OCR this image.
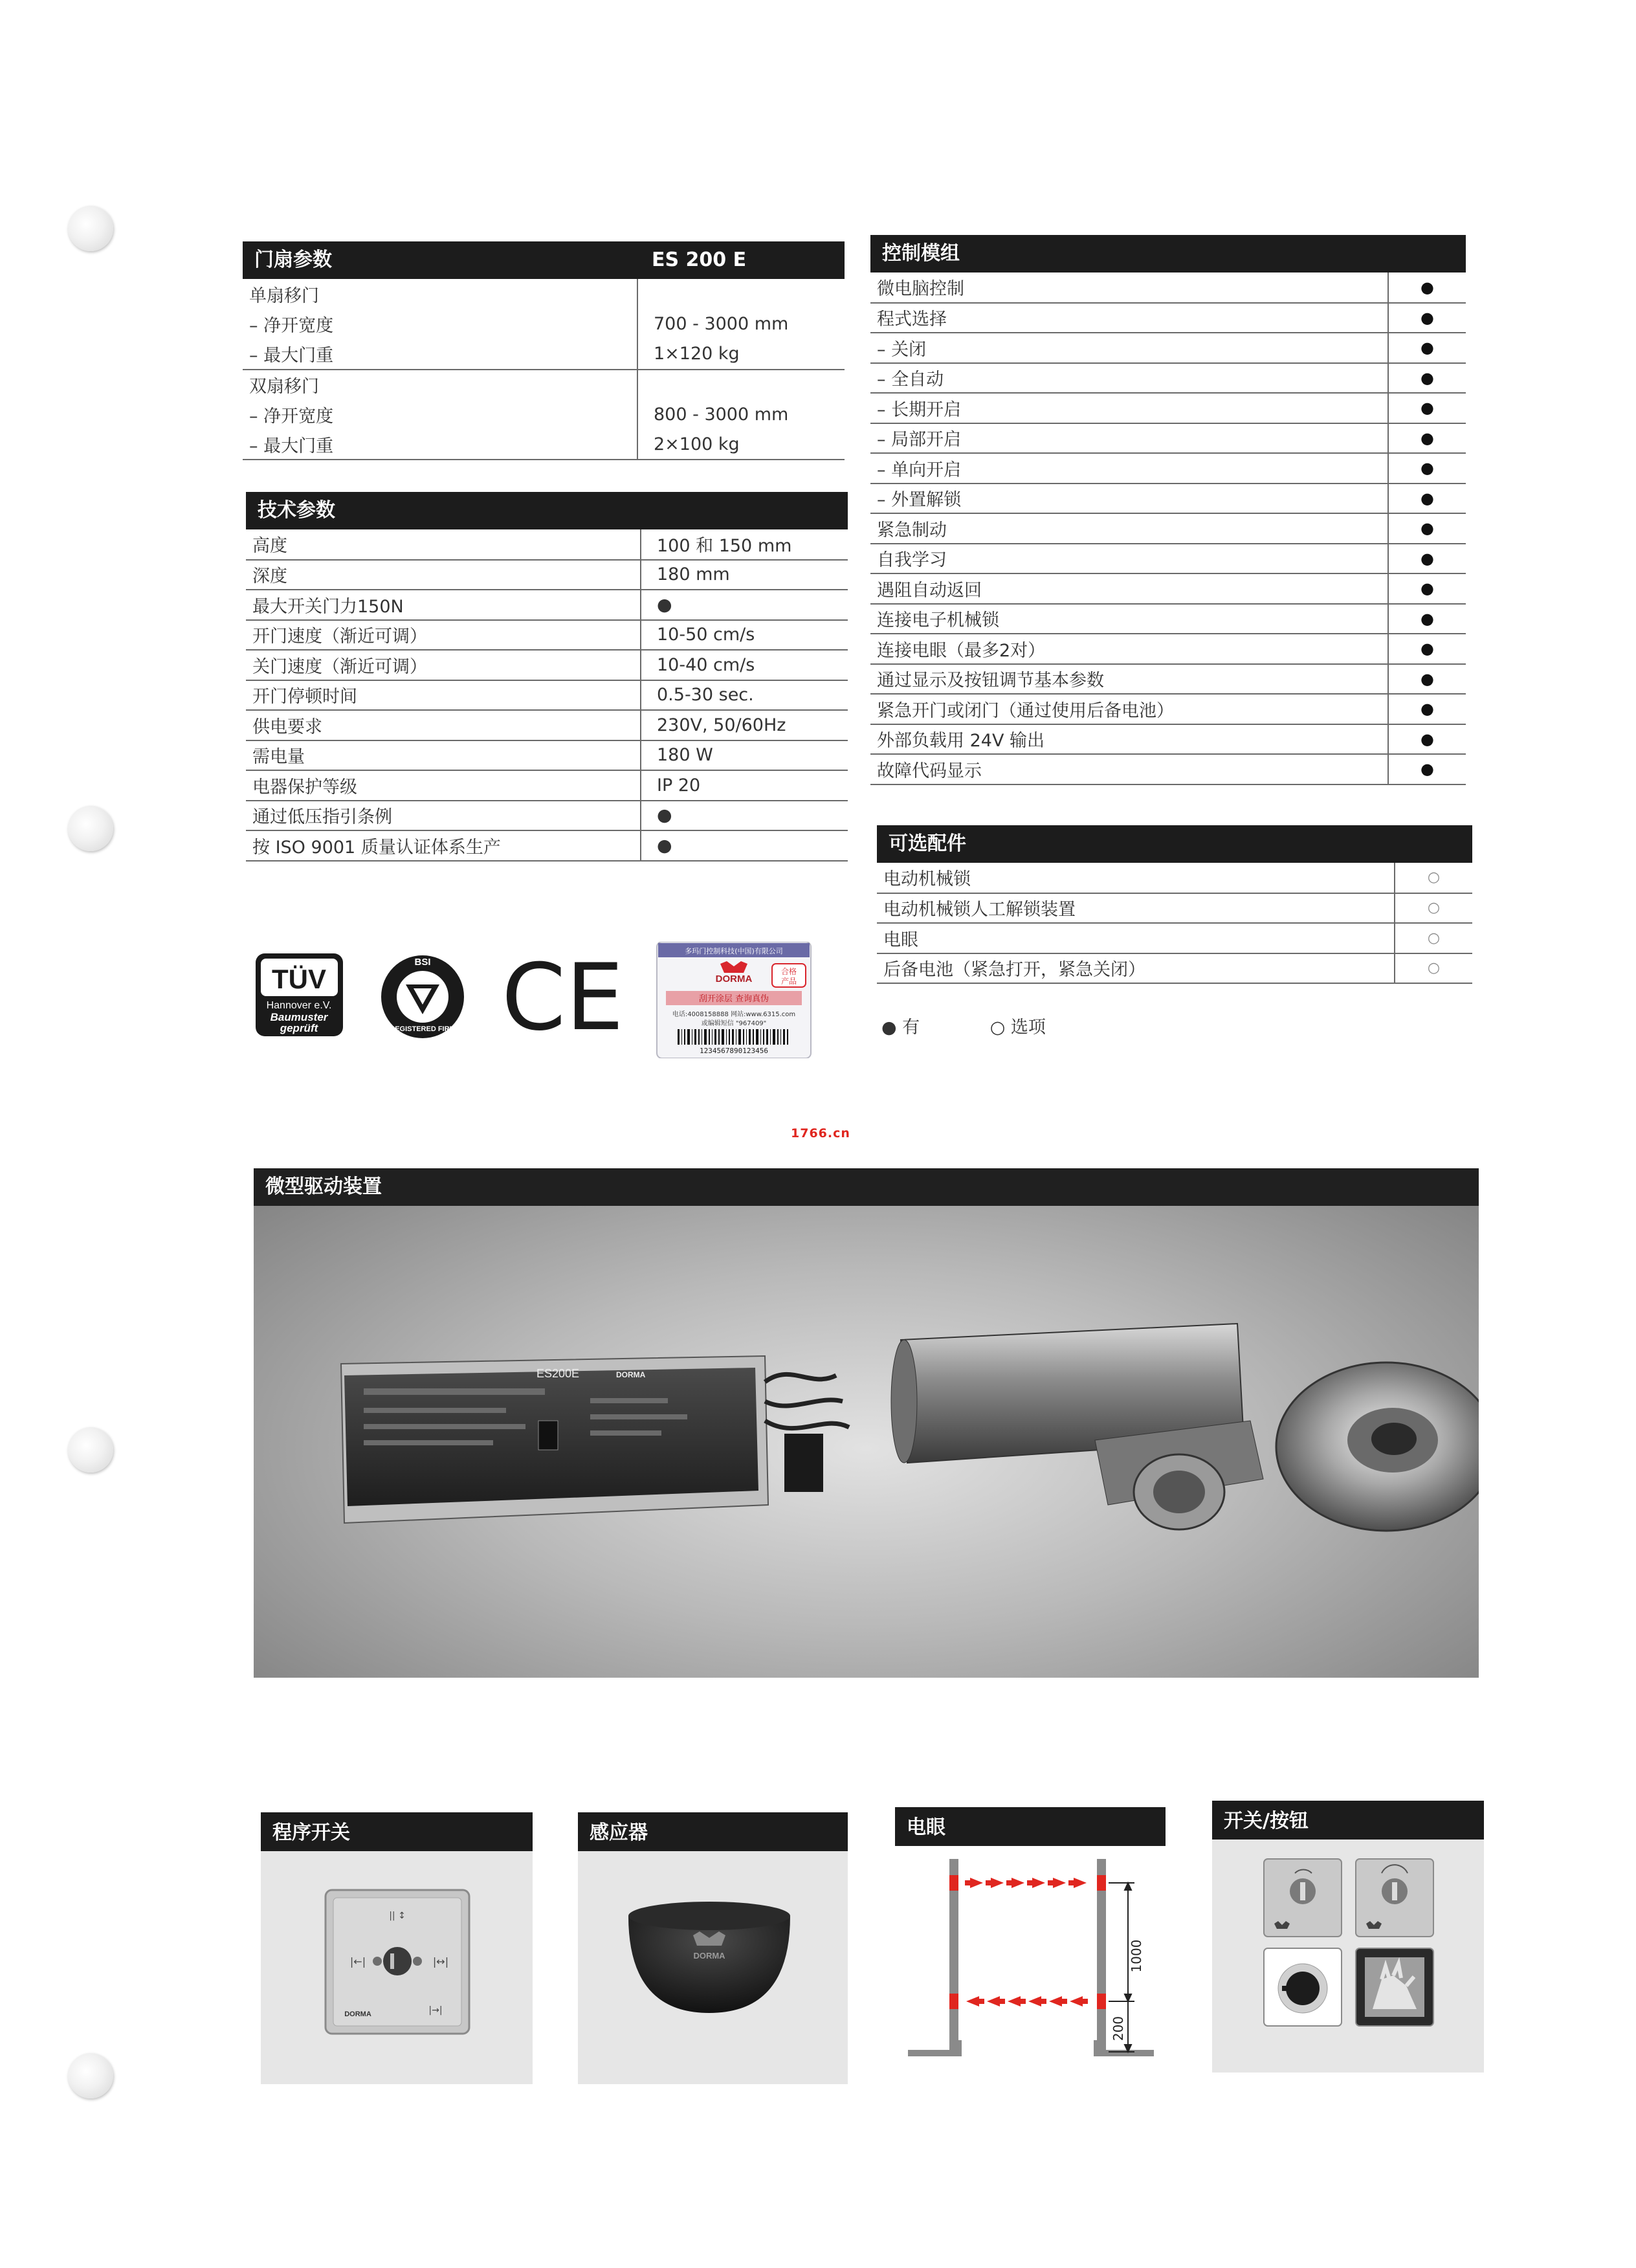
门扇参数	ES 200 E
单扇移门	
– 净开宽度	700 - 3000 mm
– 最大门重	1×120 kg
双扇移门	
– 净开宽度	800 - 3000 mm
– 最大门重	2×100 kg
技术参数
高度	100 和 150 mm
深度	180 mm
最大开关门力150N	●
开门速度（渐近可调）	10-50 cm/s
关门速度（渐近可调）	10-40 cm/s
开门停顿时间	0.5-30 sec.
供电要求	230V, 50/60Hz
需电量	180 W
电器保护等级	IP 20
通过低压指引条例	●
按 ISO 9001 质量认证体系生产	●
控制模组
微电脑控制	●
程式选择	●
– 关闭	●
– 全自动	●
– 长期开启	●
– 局部开启	●
– 单向开启	●
– 外置解锁	●
紧急制动	●
自我学习	●
遇阻自动返回	●
连接电子机械锁	●
连接电眼（最多2对）	●
通过显示及按钮调节基本参数	●
紧急开门或闭门（通过使用后备电池）	●
外部负载用 24V 输出	●
故障代码显示	●
可选配件
电动机械锁	○
电动机械锁人工解锁装置	○
电眼	○
后备电池（紧急打开，紧急关闭）	○
● 有	○ 选项
TÜV
Hannover e.V.
Baumuster
geprüft
BSI
REGISTERED FIRM CE	多玛门控制科技(中国)有限公司
DORMA
合格
产品
刮开涂层 查询真伪
电话:4008158888 网站:www.6315.com
或编辑短信 "967409"
1234567890123456
1766.cn
微型驱动装置
ES200E	DORMA
程序开关
|←|	|↔|
|| ↕
|→|
DORMA
感应器
DORMA
电眼
1000
200
开关/按钮
